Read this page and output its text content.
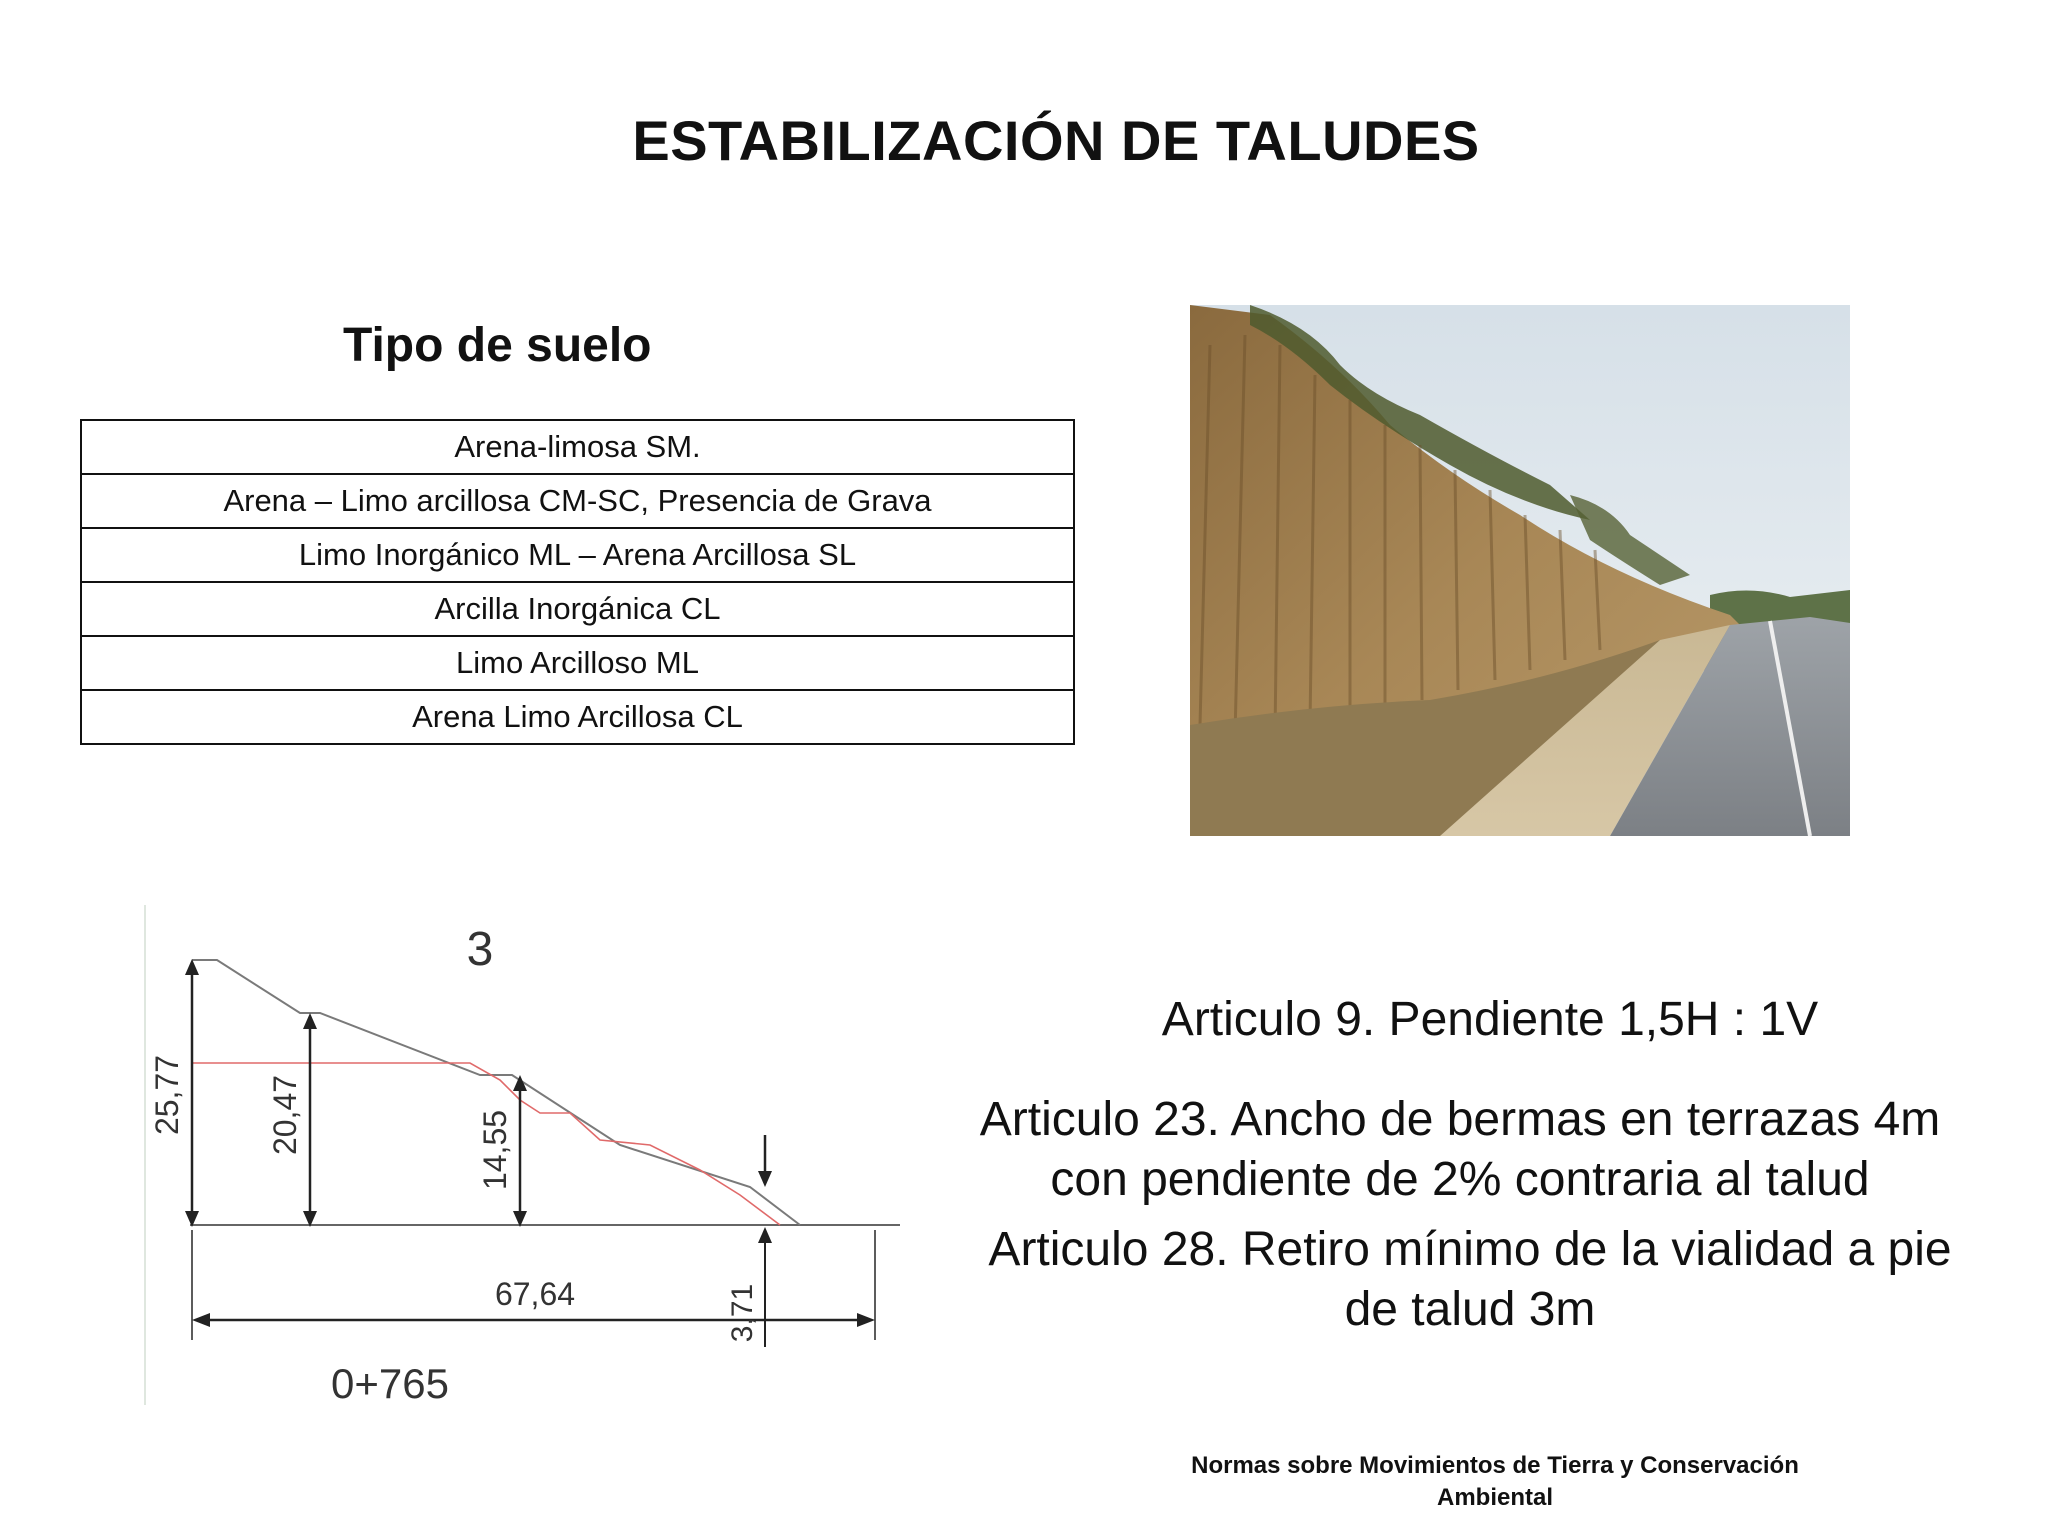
ESTABILIZACIÓN DE TALUDES
Tipo de suelo
Arena-limosa SM.
Arena – Limo arcillosa CM-SC, Presencia de Grava
Limo Inorgánico ML – Arena Arcillosa SL
Arcilla Inorgánica CL
Limo Arcilloso ML
Arena Limo Arcillosa CL
3
25,77	20,47	14,55
3,71
67,64
0+765

Articulo 9. Pendiente 1,5H : 1V

Articulo 23. Ancho de bermas en terrazas 4m con pendiente de 2% contraria al talud

Articulo 28. Retiro mínimo de la vialidad a pie de talud 3m

Normas sobre Movimientos de Tierra y Conservación Ambiental
